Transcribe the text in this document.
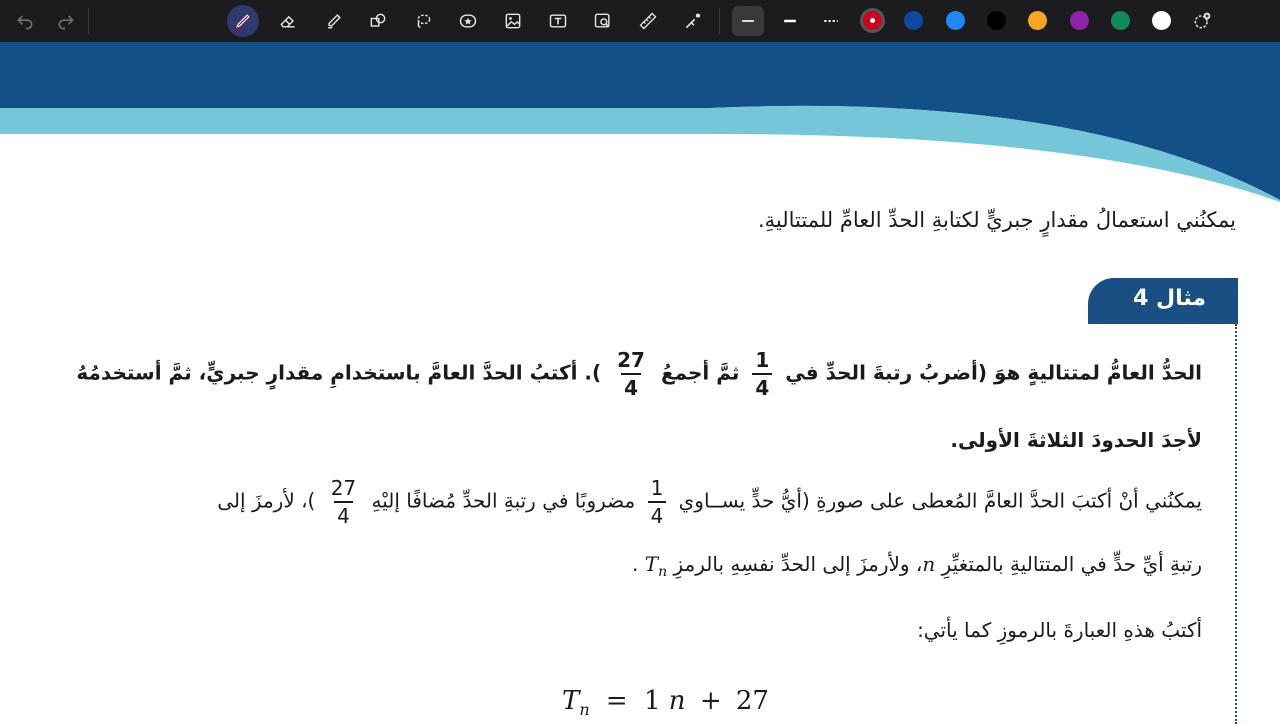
يمكنُني استعمالُ مقدارٍ جبريٍّ لكتابةِ الحدِّ العامِّ للمتتاليةِ.
مثال 4
الحدُّ العامُّ لمتتاليةٍ هوَ (أضربُ رتبةَ الحدِّ في
$\frac{1}{4}$
ثمَّ أجمعُ
$\frac{27}{4}$
). أكتبُ الحدَّ العامَّ باستخدامِ مقدارٍ جبريٍّ، ثمَّ أستخدمُهُ
لأجدَ الحدودَ الثلاثةَ الأولى.
يمكنُني أنْ أكتبَ الحدَّ العامَّ المُعطى على صورةِ (أيُّ حدٍّ يســاوي
$\frac{1}{4}$
مضروبًا في رتبةِ الحدِّ مُضافًا إليْهِ
$\frac{27}{4}$
)، لأرمزَ إلى
رتبةِ أيِّ حدٍّ في المتتاليةِ بالمتغيِّرِ n، ولأرمزَ إلى الحدِّ نفسِهِ بالرمزِ $T_n$ .
أكتبُ هذهِ العبارةَ بالرموزِ كما يأتي:
$T_n = 1$ n + 27
